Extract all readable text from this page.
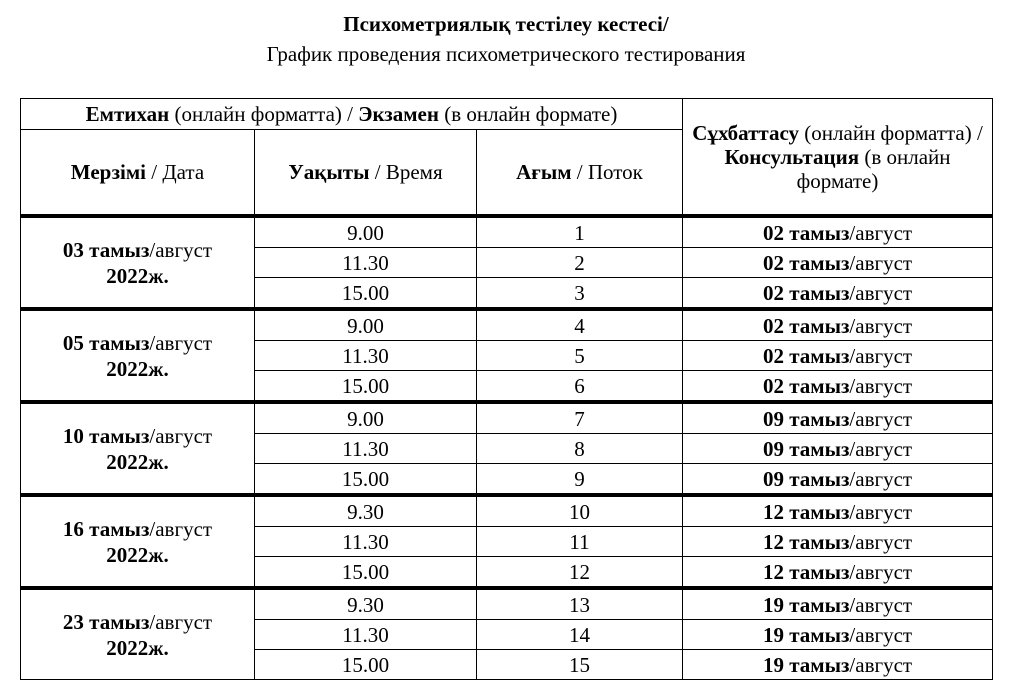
Психометриялық тестілеу кестесі/
График проведения психометрического тестирования
Емтихан (онлайн форматта) / Экзамен (в онлайн формате)			Сұхбаттасу (онлайн форматта) / Консультация (в онлайн формате)
Мерзімі / Дата	Уақыты / Время	Ағым / Поток	
03 тамыз/август
2022ж.	9.00	1	02 тамыз/август
	11.30	2	02 тамыз/август
	15.00	3	02 тамыз/август
05 тамыз/август
2022ж.	9.00	4	02 тамыз/август
	11.30	5	02 тамыз/август
	15.00	6	02 тамыз/август
10 тамыз/август
2022ж.	9.00	7	09 тамыз/август
	11.30	8	09 тамыз/август
	15.00	9	09 тамыз/август
16 тамыз/август
2022ж.	9.30	10	12 тамыз/август
	11.30	11	12 тамыз/август
	15.00	12	12 тамыз/август
23 тамыз/август
2022ж.	9.30	13	19 тамыз/август
	11.30	14	19 тамыз/август
	15.00	15	19 тамыз/август
